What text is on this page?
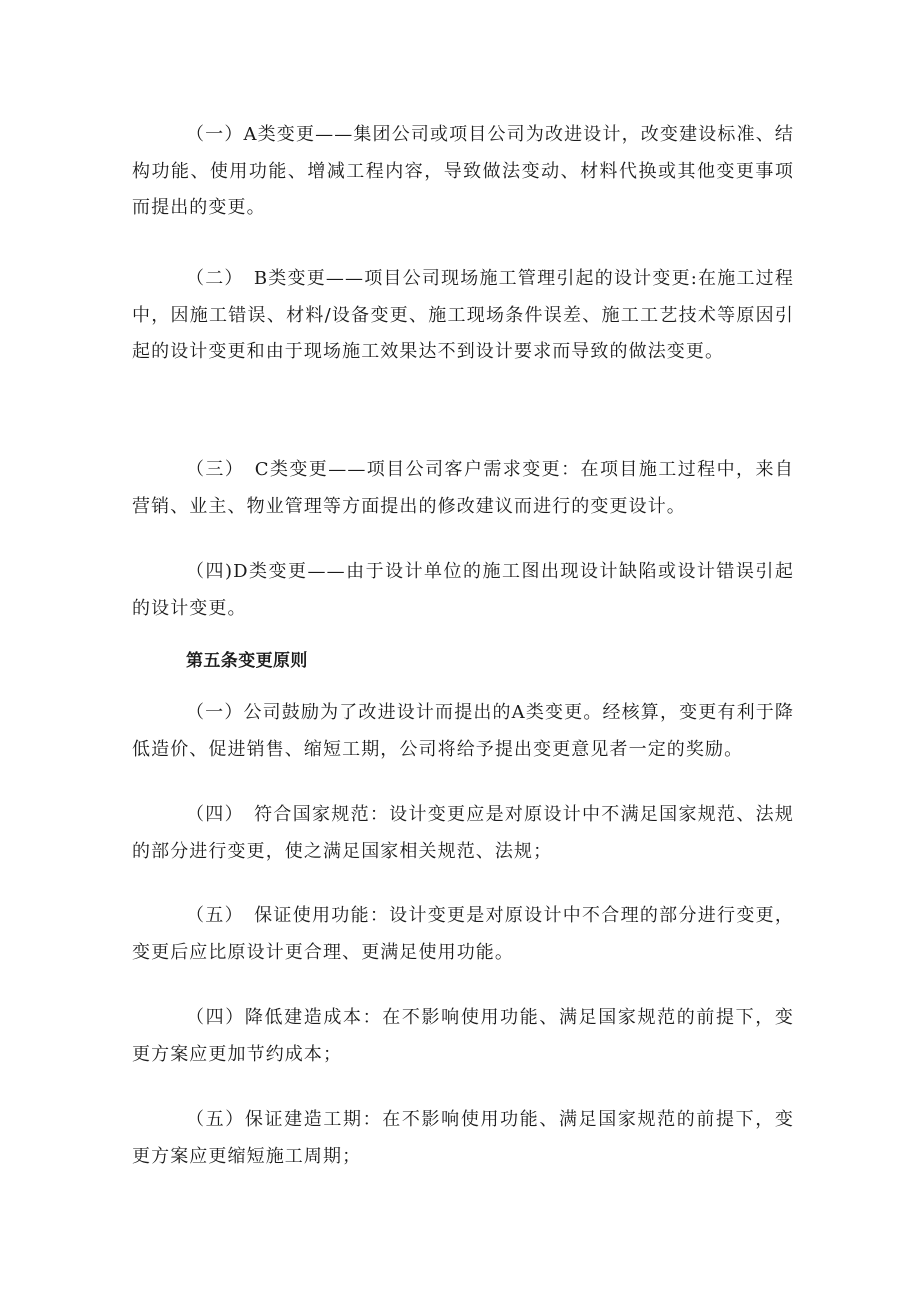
（一）A类变更——集团公司或项目公司为改进设计，改变建设标准、结构功能、使用功能、增减工程内容，导致做法变动、材料代换或其他变更事项而提出的变更。

（二）　B类变更——项目公司现场施工管理引起的设计变更:在施工过程中，因施工错误、材料/设备变更、施工现场条件误差、施工工艺技术等原因引起的设计变更和由于现场施工效果达不到设计要求而导致的做法变更。

（三）　C类变更——项目公司客户需求变更：在项目施工过程中，来自营销、业主、物业管理等方面提出的修改建议而进行的变更设计。

（四)D类变更——由于设计单位的施工图出现设计缺陷或设计错误引起的设计变更。

第五条变更原则

（一）公司鼓励为了改进设计而提出的A类变更。经核算，变更有利于降低造价、促进销售、缩短工期，公司将给予提出变更意见者一定的奖励。

（四）　符合国家规范：设计变更应是对原设计中不满足国家规范、法规的部分进行变更，使之满足国家相关规范、法规；

（五）　保证使用功能：设计变更是对原设计中不合理的部分进行变更，变更后应比原设计更合理、更满足使用功能。

（四）降低建造成本：在不影响使用功能、满足国家规范的前提下，变更方案应更加节约成本；

（五）保证建造工期：在不影响使用功能、满足国家规范的前提下，变更方案应更缩短施工周期；
